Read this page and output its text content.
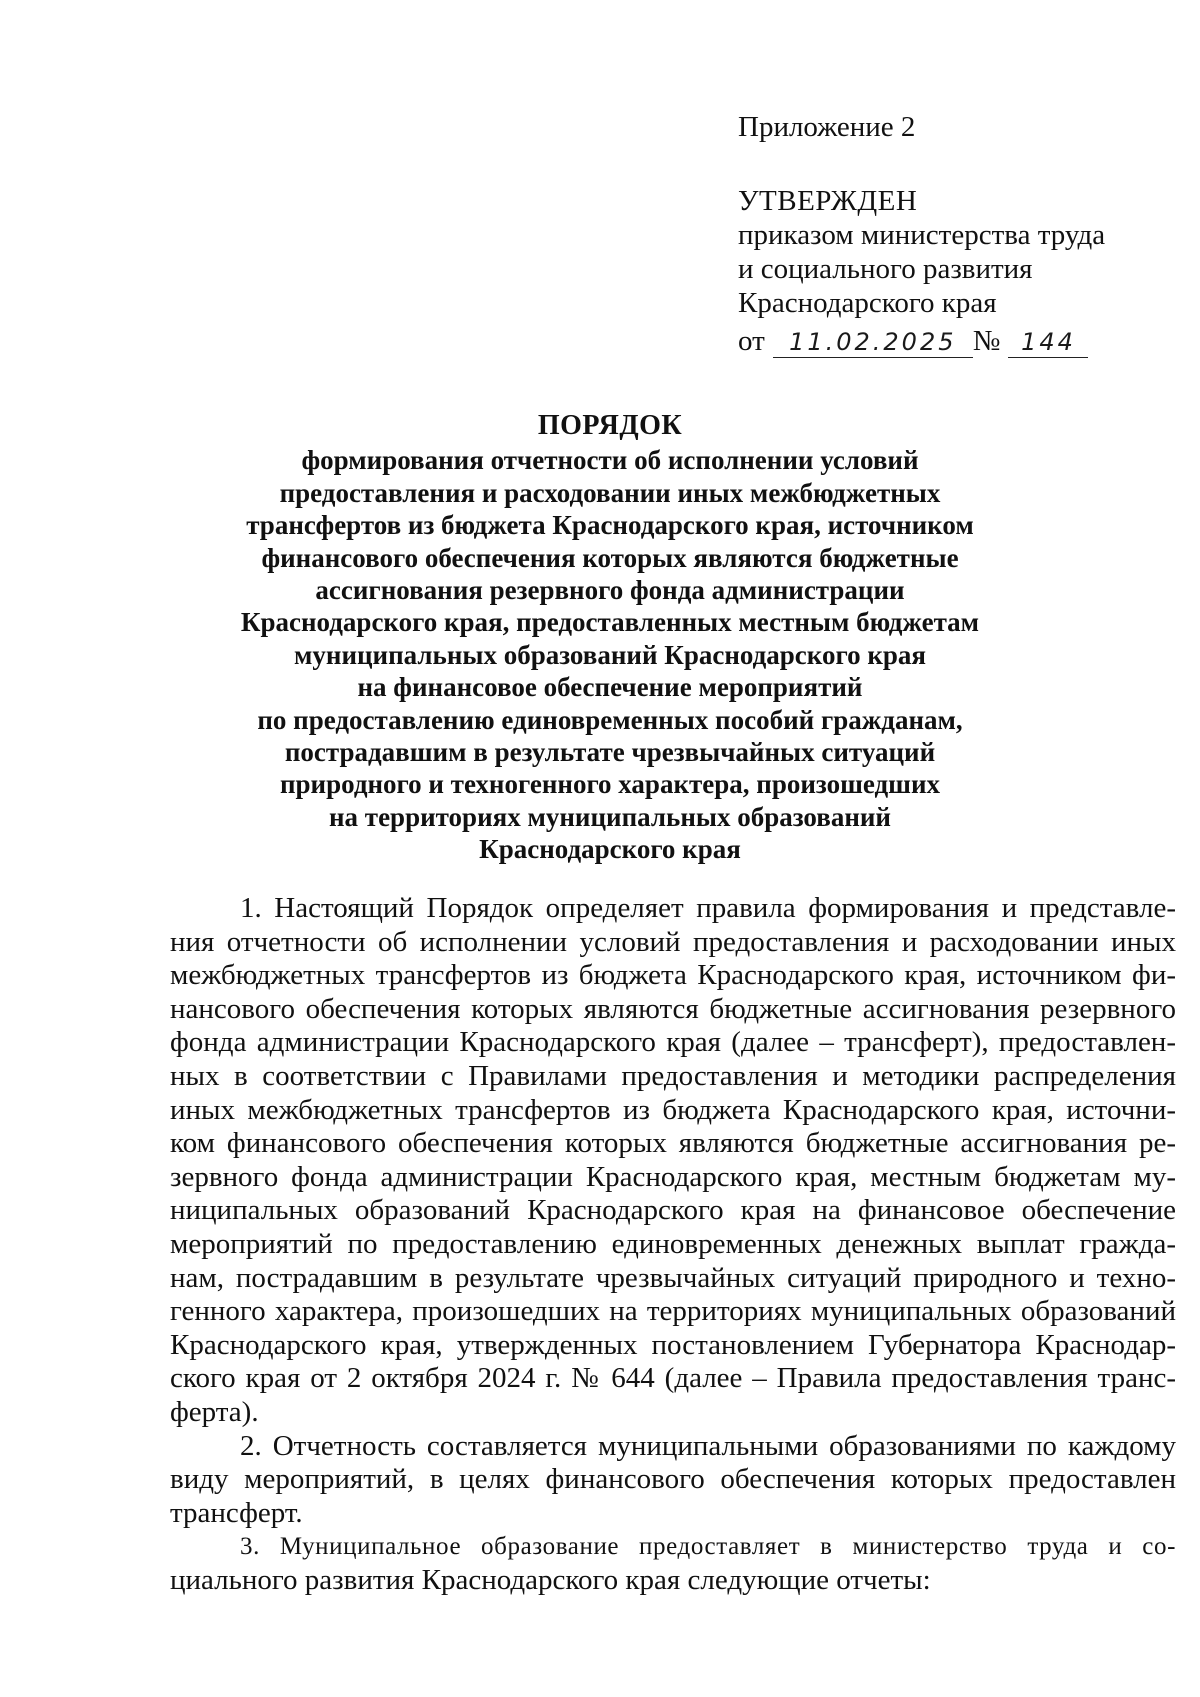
Приложение 2

УТВЕРЖДЕН

приказом министерства труда

и социального развития

Краснодарского края

от 11.02.2025 № 144

ПОРЯДОК
формирования отчетности об исполнении условий
предоставления и расходовании иных межбюджетных
трансфертов из бюджета Краснодарского края, источником
финансового обеспечения которых являются бюджетные
ассигнования резервного фонда администрации
Краснодарского края, предоставленных местным бюджетам
муниципальных образований Краснодарского края
на финансовое обеспечение мероприятий
по предоставлению единовременных пособий гражданам,
пострадавшим в результате чрезвычайных ситуаций
природного и техногенного характера, произошедших
на территориях муниципальных образований
Краснодарского края

1. Настоящий Порядок определяет правила формирования и представле-
ния отчетности об исполнении условий предоставления и расходовании иных
межбюджетных трансфертов из бюджета Краснодарского края, источником фи-
нансового обеспечения которых являются бюджетные ассигнования резервного
фонда администрации Краснодарского края (далее – трансферт), предоставлен-
ных в соответствии с Правилами предоставления и методики распределения
иных межбюджетных трансфертов из бюджета Краснодарского края, источни-
ком финансового обеспечения которых являются бюджетные ассигнования ре-
зервного фонда администрации Краснодарского края, местным бюджетам му-
ниципальных образований Краснодарского края на финансовое обеспечение
мероприятий по предоставлению единовременных денежных выплат гражда-
нам, пострадавшим в результате чрезвычайных ситуаций природного и техно-
генного характера, произошедших на территориях муниципальных образований
Краснодарского края, утвержденных постановлением Губернатора Краснодар-
ского края от 2 октября 2024 г. № 644 (далее – Правила предоставления транс-
ферта).

2. Отчетность составляется муниципальными образованиями по каждому
виду мероприятий, в целях финансового обеспечения которых предоставлен
трансферт.

3. Муниципальное образование предоставляет в министерство труда и со-
циального развития Краснодарского края следующие отчеты:
